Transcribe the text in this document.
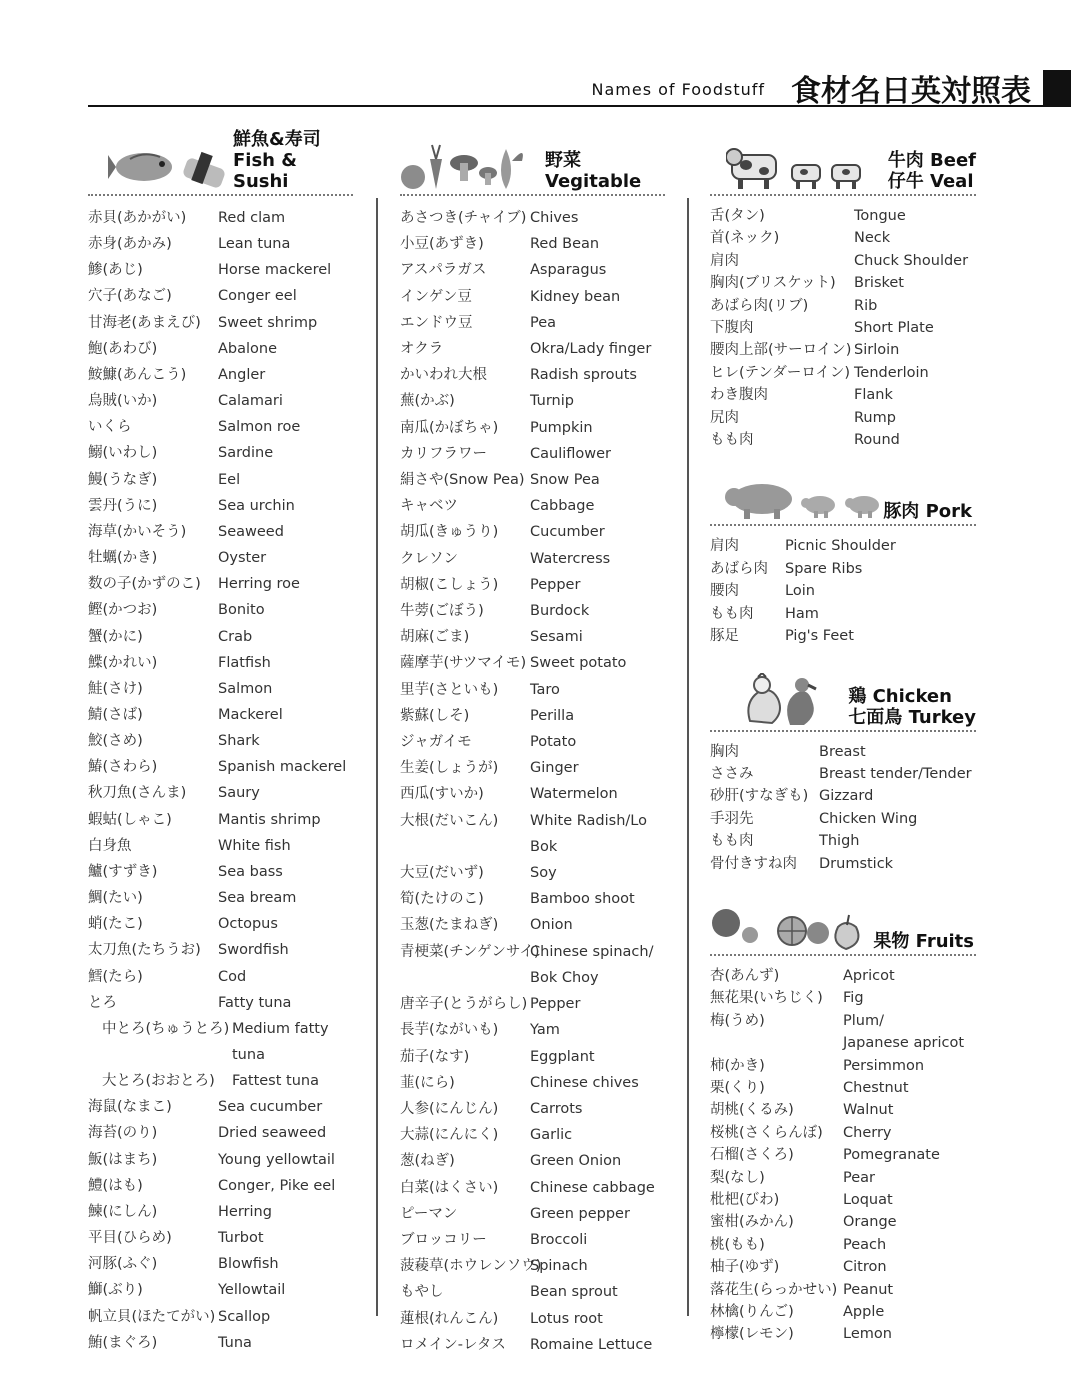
Names of Foodstuff 食材名日英対照表
鮮魚&寿司
Fish & Sushi
赤貝(あかがい)	Red clam
赤身(あかみ)	Lean tuna
鯵(あじ)	Horse mackerel
穴子(あなご)	Conger eel
甘海老(あまえび)	Sweet shrimp
鮑(あわび)	Abalone
鮟鱇(あんこう)	Angler
烏賊(いか)	Calamari
いくら	Salmon roe
鰯(いわし)	Sardine
鰻(うなぎ)	Eel
雲丹(うに)	Sea urchin
海草(かいそう)	Seaweed
牡蠣(かき)	Oyster
数の子(かずのこ)	Herring roe
鰹(かつお)	Bonito
蟹(かに)	Crab
鰈(かれい)	Flatfish
鮭(さけ)	Salmon
鯖(さば)	Mackerel
鮫(さめ)	Shark
鰆(さわら)	Spanish mackerel
秋刀魚(さんま)	Saury
蝦蛄(しゃこ)	Mantis shrimp
白身魚	White fish
鱸(すずき)	Sea bass
鯛(たい)	Sea bream
蛸(たこ)	Octopus
太刀魚(たちうお)	Swordfish
鱈(たら)	Cod
とろ	Fatty tuna
中とろ(ちゅうとろ) Medium fatty tuna
大とろ(おおとろ)	Fattest tuna
海鼠(なまこ)	Sea cucumber
海苔(のり)	Dried seaweed
魬(はまち)	Young yellowtail
鱧(はも)	Conger, Pike eel
鰊(にしん)	Herring
平目(ひらめ)	Turbot
河豚(ふぐ)	Blowfish
鰤(ぶり)	Yellowtail
帆立貝(ほたてがい) Scallop
鮪(まぐろ)	Tuna
野菜
Vegitable
あさつき(チャイブ) Chives
小豆(あずき)	Red Bean
アスパラガス	Asparagus
インゲン豆	Kidney bean
エンドウ豆	Pea
オクラ	Okra/Lady finger
かいわれ大根	Radish sprouts
蕪(かぶ)	Turnip
南瓜(かぼちゃ)	Pumpkin
カリフラワー	Cauliflower
絹さや(Snow Pea) Snow Pea
キャベツ	Cabbage
胡瓜(きゅうり)	Cucumber
クレソン	Watercress
胡椒(こしょう)	Pepper
牛蒡(ごぼう)	Burdock
胡麻(ごま)	Sesami
薩摩芋(サツマイモ) Sweet potato
里芋(さといも)	Taro
紫蘇(しそ)	Perilla
ジャガイモ	Potato
生姜(しょうが)	Ginger
西瓜(すいか)	Watermelon
大根(だいこん)	White Radish/Lo Bok
大豆(だいず)	Soy
筍(たけのこ)	Bamboo shoot
玉葱(たまねぎ)	Onion
青梗菜(チンゲンサイ)
Chinese spinach/
Bok Choy
唐辛子(とうがらし) Pepper
長芋(ながいも)	Yam
茄子(なす)	Eggplant
韮(にら)	Chinese chives
人参(にんじん)	Carrots
大蒜(にんにく)	Garlic
葱(ねぎ)	Green Onion
白菜(はくさい)	Chinese cabbage
ピーマン	Green pepper
ブロッコリー	Broccoli
菠薐草(ホウレンソウ)
Spinach
もやし	Bean sprout
蓮根(れんこん)	Lotus root
ロメイン-レタス	Romaine Lettuce
牛肉 Beef
仔牛 Veal
舌(タン)	Tongue
首(ネック)	Neck
肩肉	Chuck Shoulder
胸肉(ブリスケット)	Brisket
あばら肉(リブ)	Rib
下腹肉	Short Plate
腰肉上部(サーロイン) Sirloin
ヒレ(テンダーロイン) Tenderloin
わき腹肉	Flank
尻肉	Rump
もも肉	Round
豚肉 Pork
肩肉	Picnic Shoulder
あばら肉	Spare Ribs
腰肉	Loin
もも肉	Ham
豚足	Pig's Feet
鶏 Chicken
七面鳥 Turkey
胸肉	Breast
ささみ	Breast tender/Tender
砂肝(すなぎも) Gizzard
手羽先	Chicken Wing
もも肉	Thigh
骨付きすね肉	Drumstick
果物 Fruits
杏(あんず)	Apricot
無花果(いちじく)	Fig
梅(うめ)	Plum/
Japanese apricot
柿(かき)	Persimmon
栗(くり)	Chestnut
胡桃(くるみ)	Walnut
桜桃(さくらんぼ)	Cherry
石榴(さくろ)	Pomegranate
梨(なし)	Pear
枇杷(びわ)	Loquat
蜜柑(みかん)	Orange
桃(もも)	Peach
柚子(ゆず)	Citron
落花生(らっかせい) Peanut
林檎(りんご)	Apple
檸檬(レモン)	Lemon
